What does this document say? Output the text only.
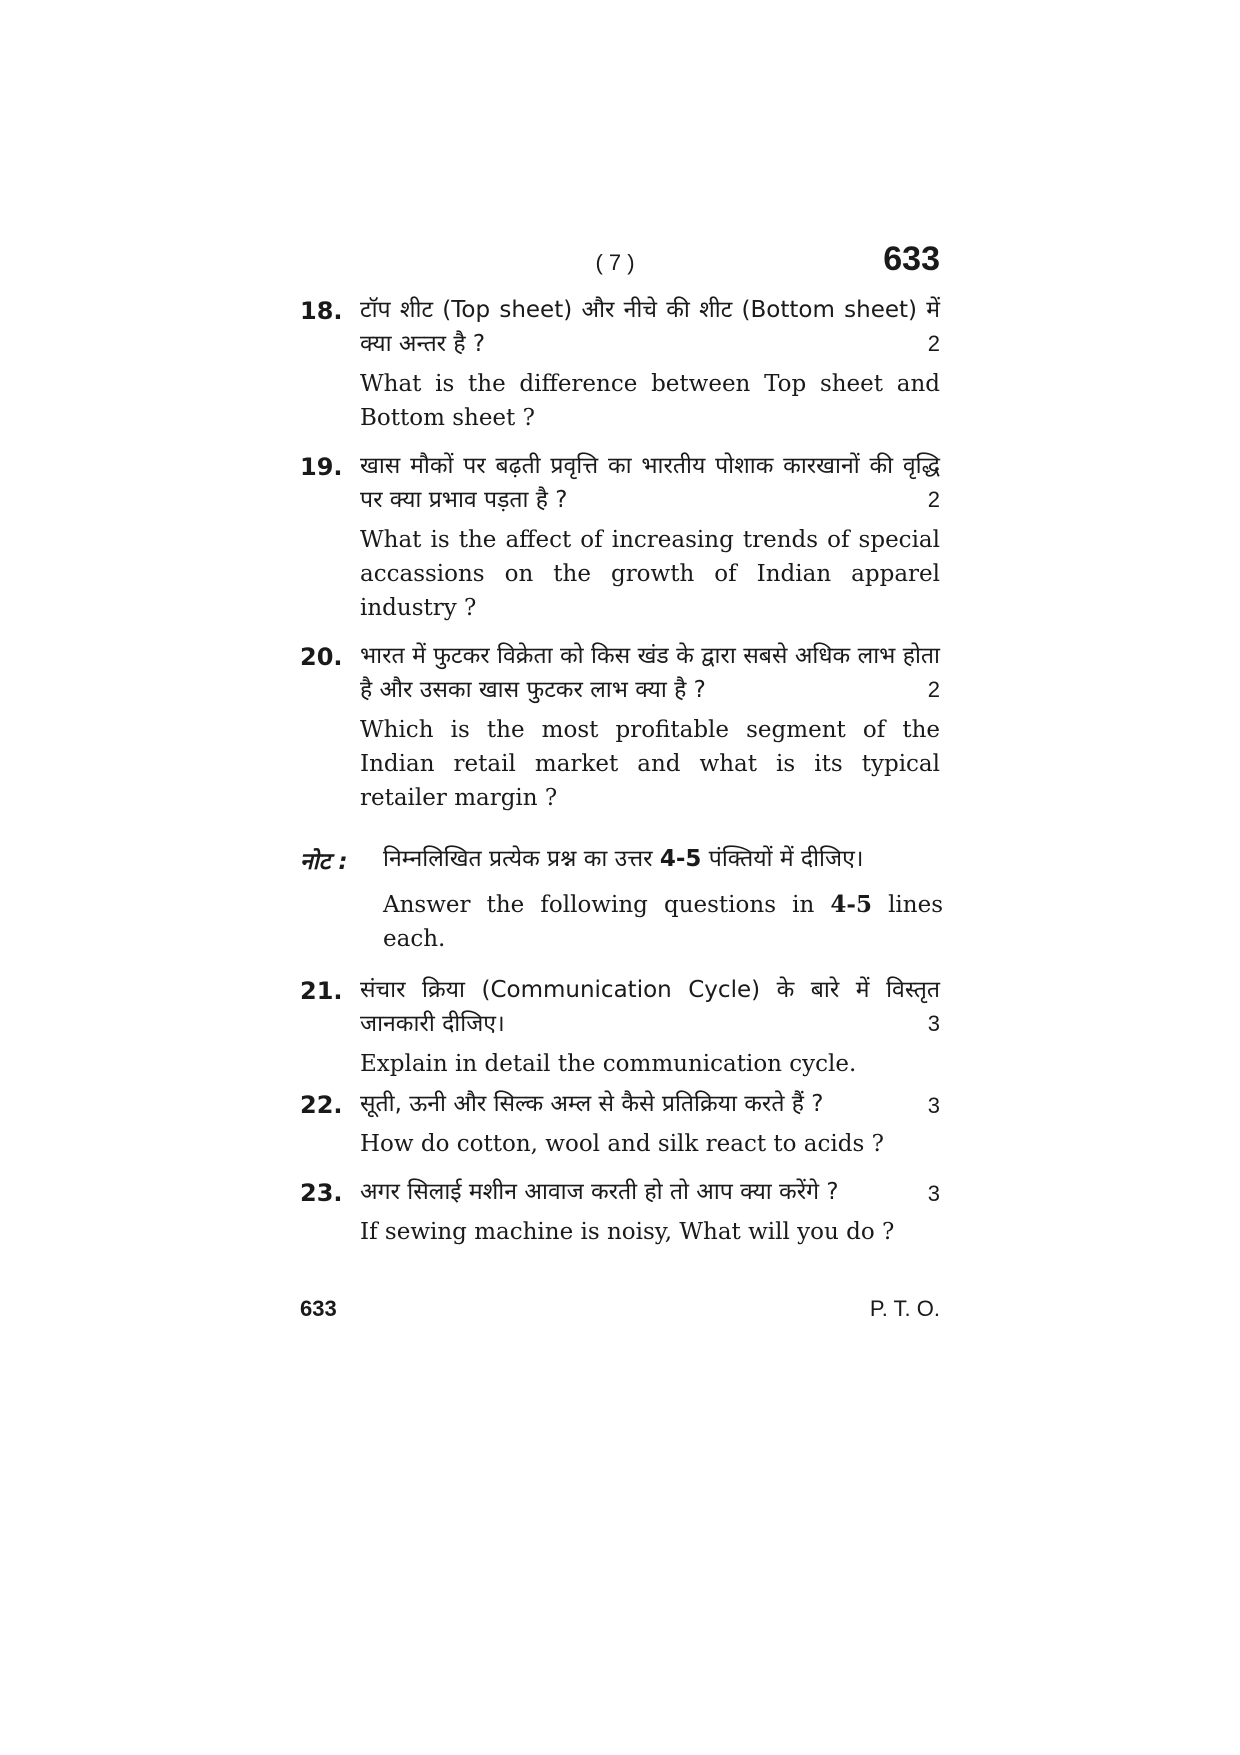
( 7 )	633
18. टॉप शीट (Top sheet) और नीचे की शीट (Bottom sheet) में क्या अन्तर है ?
What is the difference between Top sheet and Bottom sheet ?
2
19. खास मौकों पर बढ़ती प्रवृत्ति का भारतीय पोशाक कारखानों की वृद्धि पर क्या प्रभाव पड़ता है ?
What is the affect of increasing trends of special accassions on the growth of Indian apparel industry ?
2
20. भारत में फुटकर विक्रेता को किस खंड के द्वारा सबसे अधिक लाभ होता है और उसका खास फुटकर लाभ क्या है ?
Which is the most profitable segment of the Indian retail market and what is its typical retailer margin ?
2
नोट : निम्नलिखित प्रत्येक प्रश्न का उत्तर 4-5 पंक्तियों में दीजिए।
Answer the following questions in 4-5 lines each.
21. संचार क्रिया (Communication Cycle) के बारे में विस्तृत जानकारी दीजिए।
Explain in detail the communication cycle.
3
22. सूती, ऊनी और सिल्क अम्ल से कैसे प्रतिक्रिया करते हैं ?
How do cotton, wool and silk react to acids ?
3
23. अगर सिलाई मशीन आवाज करती हो तो आप क्या करेंगे ?
If sewing machine is noisy, What will you do ?
3
633	P. T. O.
